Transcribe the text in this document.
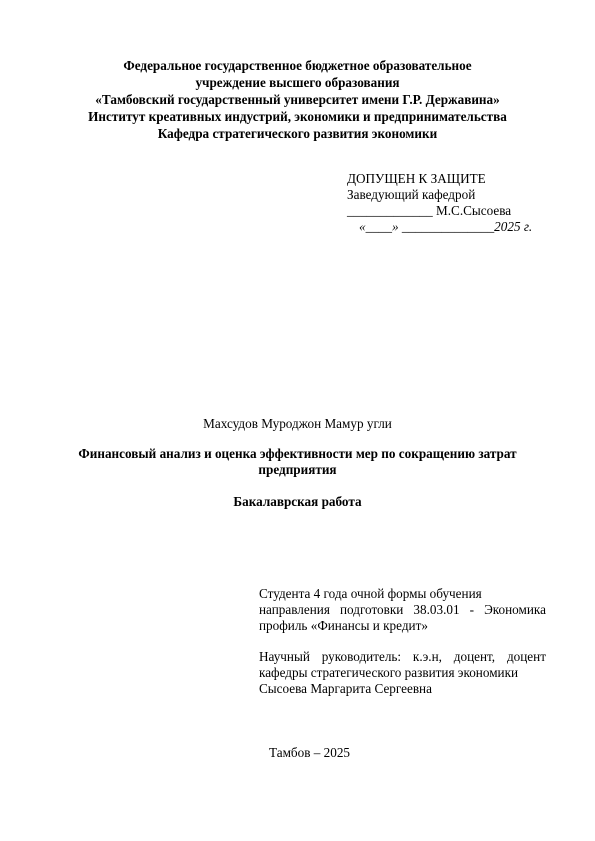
Федеральное государственное бюджетное образовательное
учреждение высшего образования
«Тамбовский государственный университет имени Г.Р. Державина»
Институт креативных индустрий, экономики и предпринимательства
Кафедра стратегического развития экономики
ДОПУЩЕН К ЗАЩИТЕ
Заведующий кафедрой
_____________ М.С.Сысоева
«____» ______________2025 г.
Махсудов Муроджон Мамур угли
Финансовый анализ и оценка эффективности мер по сокращению затрат
предприятия
Бакалаврская работа
Студента 4 года очной формы обучения
направления подготовки 38.03.01 - Экономика
профиль «Финансы и кредит»
Научный руководитель: к.э.н, доцент, доцент
кафедры стратегического развития экономики
Сысоева Маргарита Сергеевна
Тамбов – 2025
